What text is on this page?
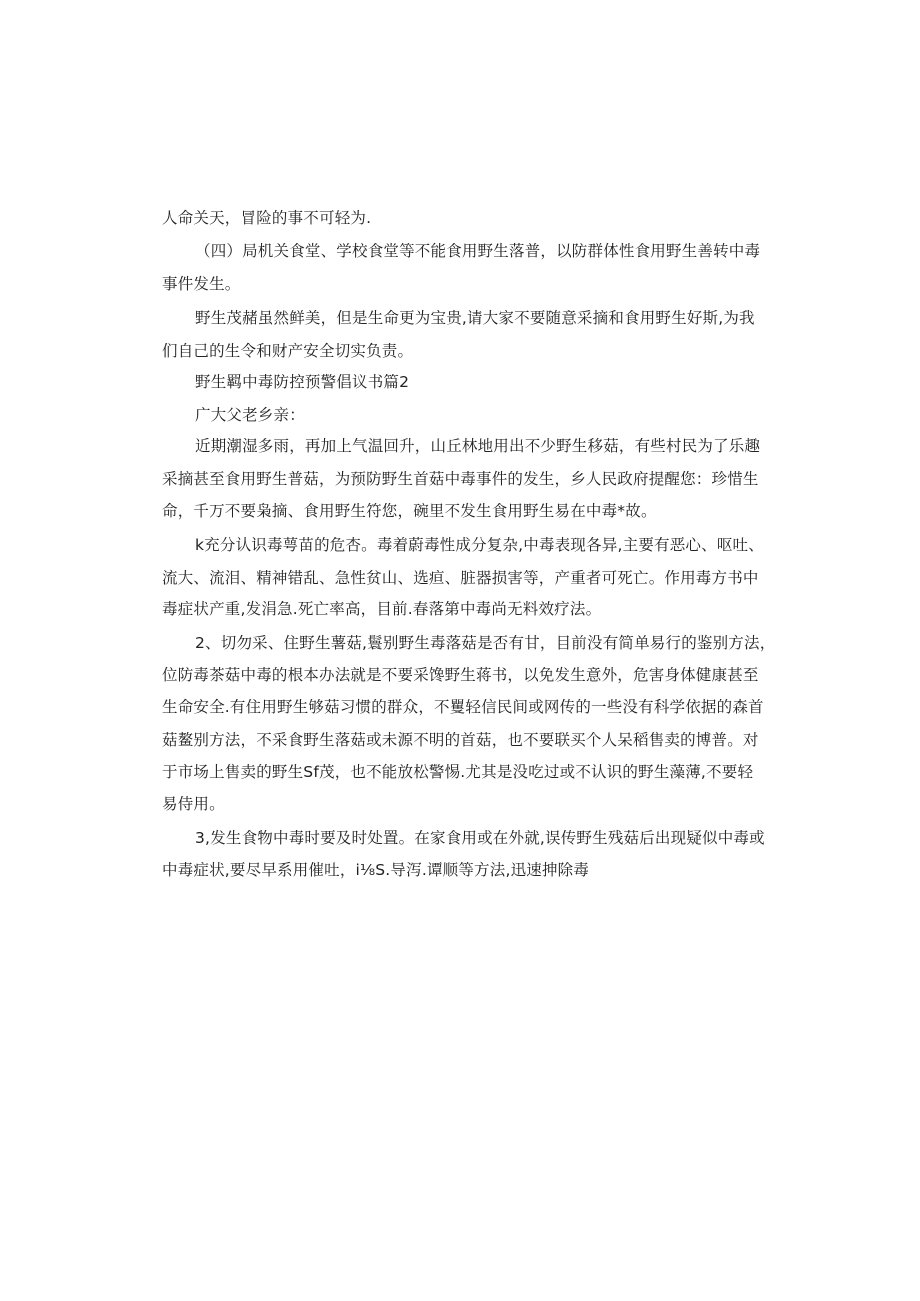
人命关天，冒险的事不可轻为.
（四）局机关食堂、学校食堂等不能食用野生落普，以防群体性食用野生善转中毒
事件发生。
野生茂赭虽然鲜美，但是生命更为宝贵,请大家不要随意采摘和食用野生好斯,为我
们自己的生令和财产安全切实负责。
野生羁中毒防控预警倡议书篇2
广大父老乡亲：
近期潮湿多雨，再加上气温回升，山丘林地用出不少野生移菇，有些村民为了乐趣
采摘甚至食用野生普菇，为预防野生首菇中毒事件的发生，乡人民政府提醒您：珍惜生
命，千万不要枭摘、食用野生符您，碗里不发生食用野生易在中毒*故。
k充分认识毒萼苗的危杏。毒着蔚毒性成分复杂,中毒表现各异,主要有恶心、呕吐、
流大、流泪、精神错乱、急性贫山、选疸、脏器损害等，产重者可死亡。作用毒方书中
毒症状产重,发涓急.死亡率高，目前.春落第中毒尚无料效疗法。
2、切勿采、住野生薯菇,鬟别野生毒落菇是否有甘，目前没有简单易行的鉴别方法，
位防毒茶菇中毒的根本办法就是不要采馋野生蒋书，以免发生意外，危害身体健康甚至
生命安全.有住用野生够菇习惯的群众，不矍轻信民间或网传的一些没有科学依据的森首
菇鳌别方法，不采食野生落菇或未源不明的首菇，也不要联买个人呆稻售卖的博普。对
于市场上售卖的野生Sf茂，也不能放松警惕.尤其是没吃过或不认识的野生藻薄,不要轻
易侍用。
3,发生食物中毒时要及时处置。在家食用或在外就,误传野生残菇后出现疑似中毒或
中毒症状,要尽早系用催吐，i⅛S.导泻.谭顺等方法,迅速抻除毒
